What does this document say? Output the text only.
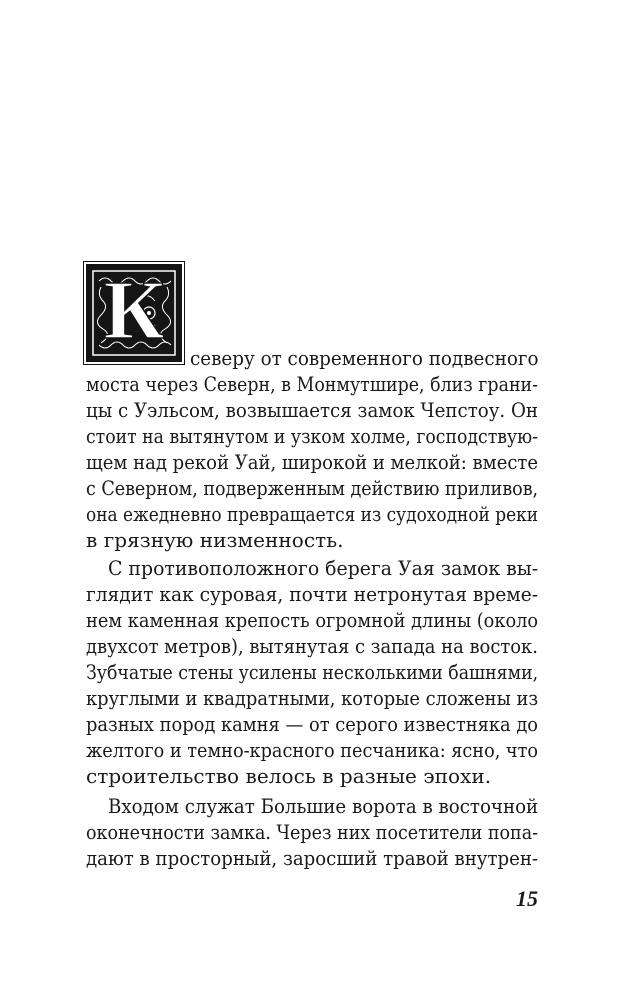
К
северу от современного подвесного
моста через Северн, в Монмутшире, близ грани-
цы с Уэльсом, возвышается замок Чепстоу. Он
стоит на вытянутом и узком холме, господствую-
щем над рекой Уай, широкой и мелкой: вместе
с Северном, подверженным действию приливов,
она ежедневно превращается из судоходной реки
в грязную низменность.
С противоположного берега Уая замок вы-
глядит как суровая, почти нетронутая време-
нем каменная крепость огромной длины (около
двухсот метров), вытянутая с запада на восток.
Зубчатые стены усилены несколькими башнями,
круглыми и квадратными, которые сложены из
разных пород камня — от серого известняка до
желтого и темно-красного песчаника: ясно, что
строительство велось в разные эпохи.
Входом служат Большие ворота в восточной
оконечности замка. Через них посетители попа-
дают в просторный, заросший травой внутрен-
15
